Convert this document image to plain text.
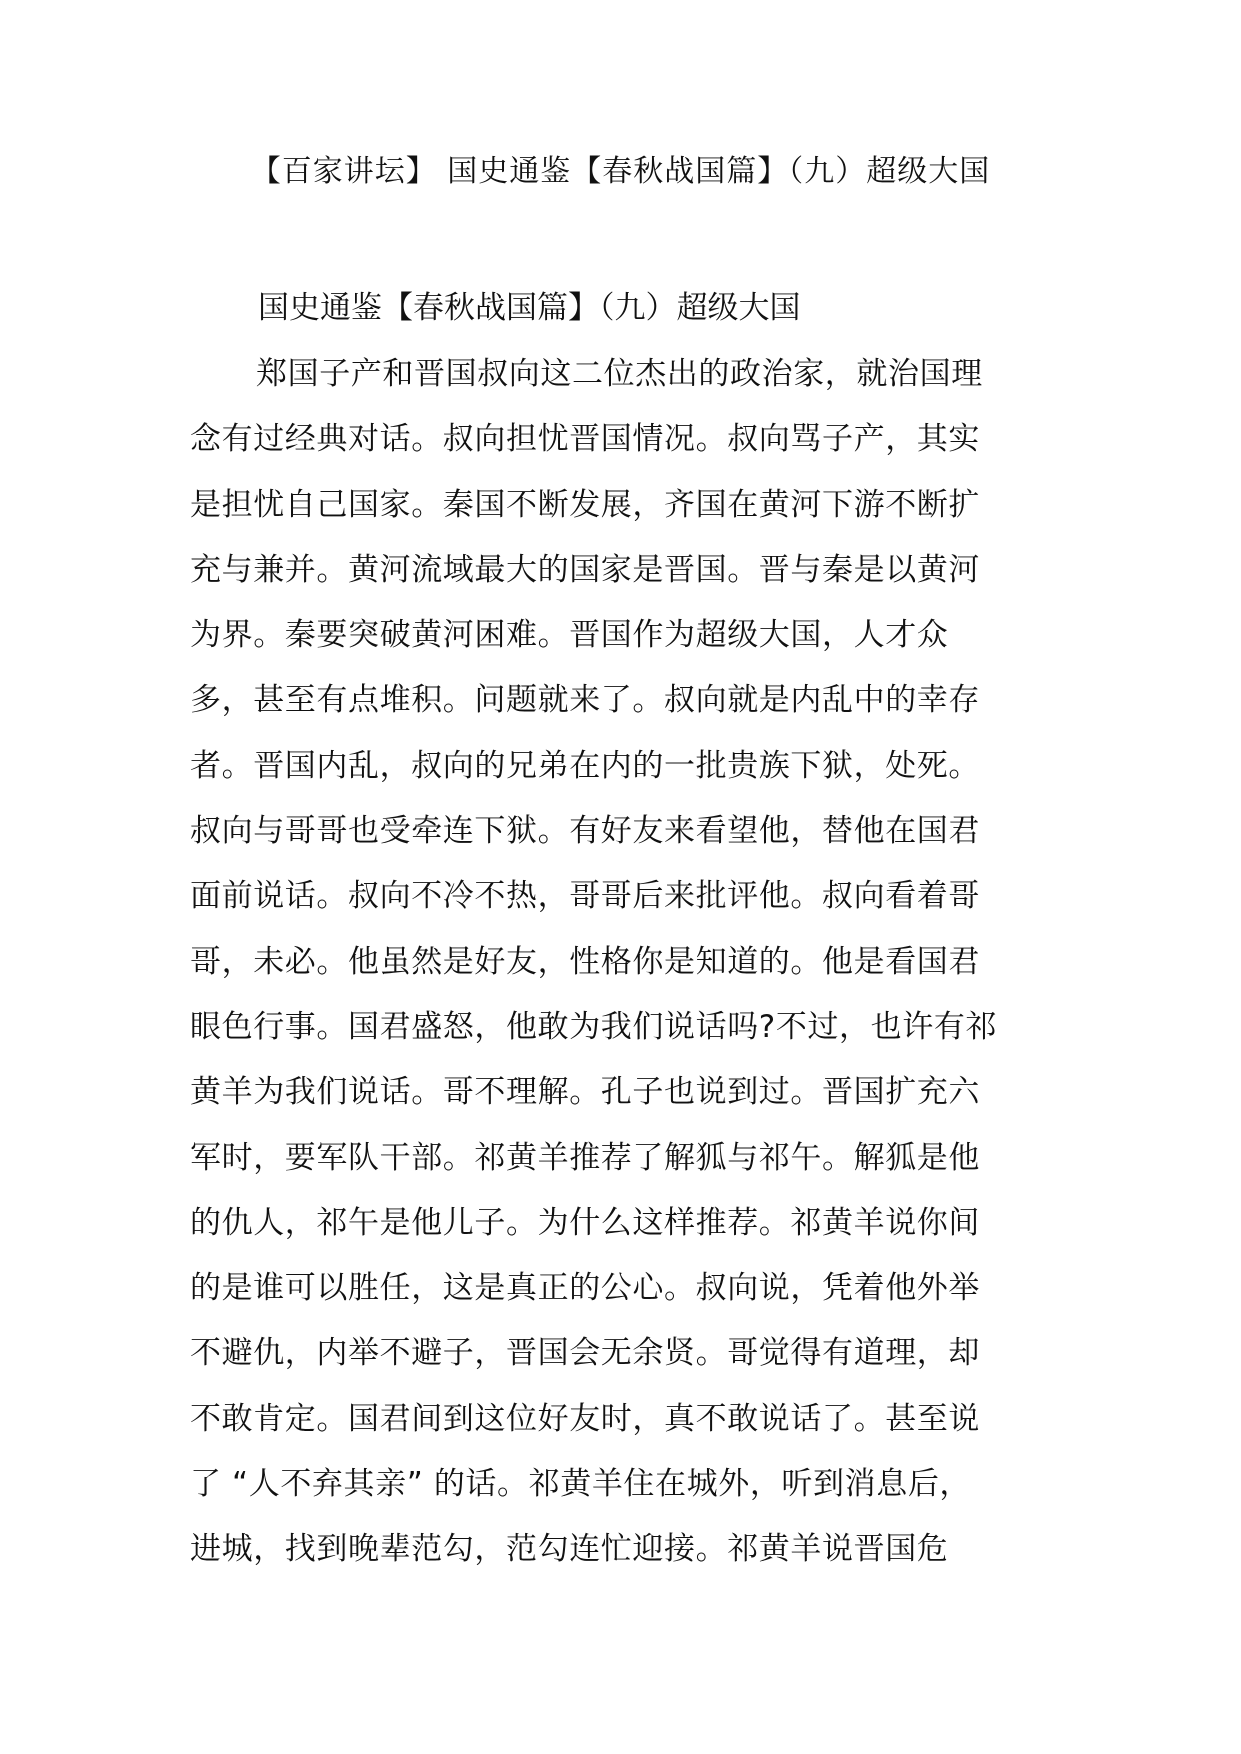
【百家讲坛】 国史通鉴【春秋战国篇】（九）超级大国
国史通鉴【春秋战国篇】（九）超级大国
郑国子产和晋国叔向这二位杰出的政治家，就治国理
念有过经典对话。叔向担忧晋国情况。叔向骂子产，其实
是担忧自己国家。秦国不断发展，齐国在黄河下游不断扩
充与兼并。黄河流域最大的国家是晋国。晋与秦是以黄河
为界。秦要突破黄河困难。晋国作为超级大国，人才众
多，甚至有点堆积。问题就来了。叔向就是内乱中的幸存
者。晋国内乱，叔向的兄弟在内的一批贵族下狱，处死。
叔向与哥哥也受牵连下狱。有好友来看望他，替他在国君
面前说话。叔向不冷不热，哥哥后来批评他。叔向看着哥
哥，未必。他虽然是好友，性格你是知道的。他是看国君
眼色行事。国君盛怒，他敢为我们说话吗?不过，也许有祁
黄羊为我们说话。哥不理解。孔子也说到过。晋国扩充六
军时，要军队干部。祁黄羊推荐了解狐与祁午。解狐是他
的仇人，祁午是他儿子。为什么这样推荐。祁黄羊说你间
的是谁可以胜任，这是真正的公心。叔向说，凭着他外举
不避仇，内举不避子，晋国会无余贤。哥觉得有道理，却
不敢肯定。国君间到这位好友时，真不敢说话了。甚至说
了 “人不弃其亲” 的话。祁黄羊住在城外，听到消息后，
进城，找到晚辈范勾，范勾连忙迎接。祁黄羊说晋国危
